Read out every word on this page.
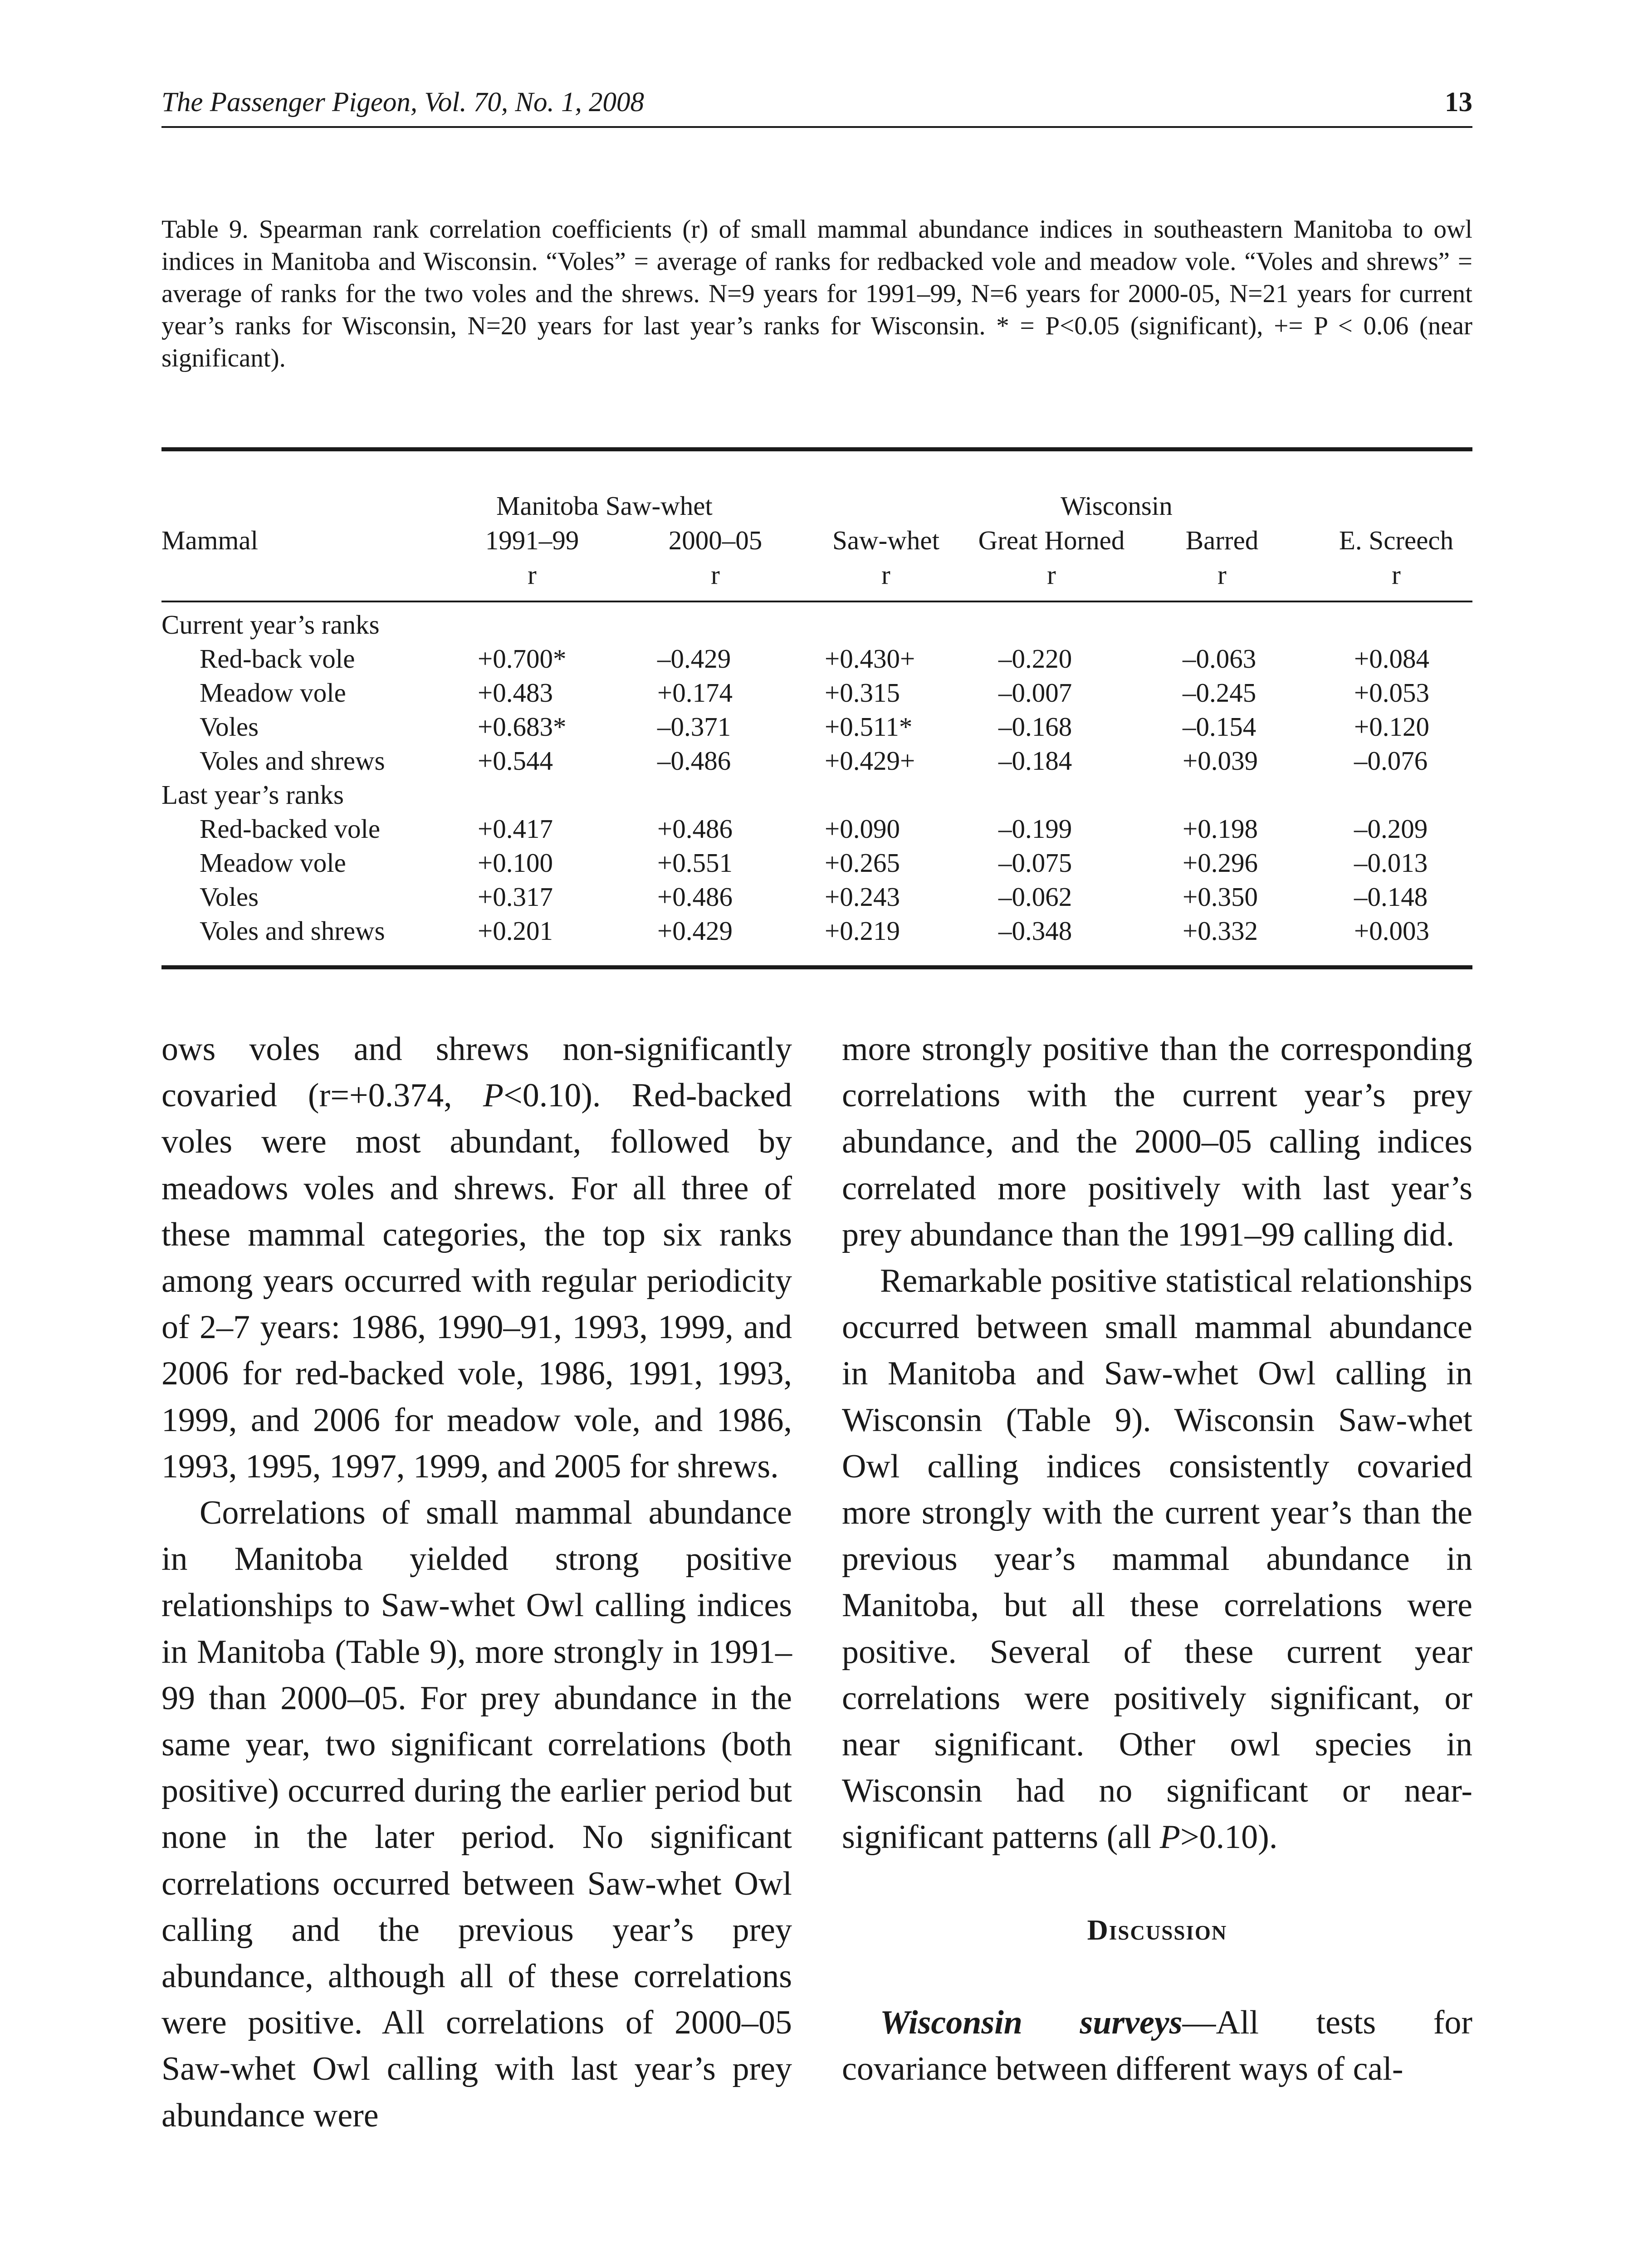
The Passenger Pigeon, Vol. 70, No. 1, 2008	13

Table 9. Spearman rank correlation coefficients (r) of small mammal abundance indices in southeastern Manitoba to owl indices in Manitoba and Wisconsin. “Voles” = average of ranks for redbacked vole and meadow vole. “Voles and shrews” = average of ranks for the two voles and the shrews. N=9 years for 1991–99, N=6 years for 2000-05, N=21 years for current year’s ranks for Wisconsin, N=20 years for last year’s ranks for Wisconsin. * = P<0.05 (significant), += P < 0.06 (near significant).

Manitoba Saw-whet	Wisconsin
Mammal	1991–99	2000–05	Saw-whet	Great Horned	Barred	E. Screech
r	r	r	r	r	r
Current year’s ranks
Red-back vole	+0.700*	–0.429	+0.430+	–0.220	–0.063	+0.084
Meadow vole	+0.483	+0.174	+0.315	–0.007	–0.245	+0.053
Voles	+0.683*	–0.371	+0.511*	–0.168	–0.154	+0.120
Voles and shrews	+0.544	–0.486	+0.429+	–0.184	+0.039	–0.076
Last year’s ranks
Red-backed vole	+0.417	+0.486	+0.090	–0.199	+0.198	–0.209
Meadow vole	+0.100	+0.551	+0.265	–0.075	+0.296	–0.013
Voles	+0.317	+0.486	+0.243	–0.062	+0.350	–0.148
Voles and shrews	+0.201	+0.429	+0.219	–0.348	+0.332	+0.003

ows voles and shrews non-significantly covaried (r=+0.374, P<0.10). Red-backed voles were most abundant, followed by meadows voles and shrews. For all three of these mammal categories, the top six ranks among years occurred with regular periodicity of 2–7 years: 1986, 1990–91, 1993, 1999, and 2006 for red-backed vole, 1986, 1991, 1993, 1999, and 2006 for meadow vole, and 1986, 1993, 1995, 1997, 1999, and 2005 for shrews.

Correlations of small mammal abundance in Manitoba yielded strong positive relationships to Saw-whet Owl calling indices in Manitoba (Table 9), more strongly in 1991–99 than 2000–05. For prey abundance in the same year, two significant correlations (both positive) occurred during the earlier period but none in the later period. No significant correlations occurred between Saw-whet Owl calling and the previous year’s prey abundance, although all of these correlations were positive. All correlations of 2000–05 Saw-whet Owl calling with last year’s prey abundance were

more strongly positive than the corresponding correlations with the current year’s prey abundance, and the 2000–05 calling indices correlated more positively with last year’s prey abundance than the 1991–99 calling did.

Remarkable positive statistical relationships occurred between small mammal abundance in Manitoba and Saw-whet Owl calling in Wisconsin (Table 9). Wisconsin Saw-whet Owl calling indices consistently covaried more strongly with the current year’s than the previous year’s mammal abundance in Manitoba, but all these correlations were positive. Several of these current year correlations were positively significant, or near significant. Other owl species in Wisconsin had no significant or near-significant patterns (all P>0.10).

Discussion

Wisconsin surveys—All tests for covariance between different ways of cal-
